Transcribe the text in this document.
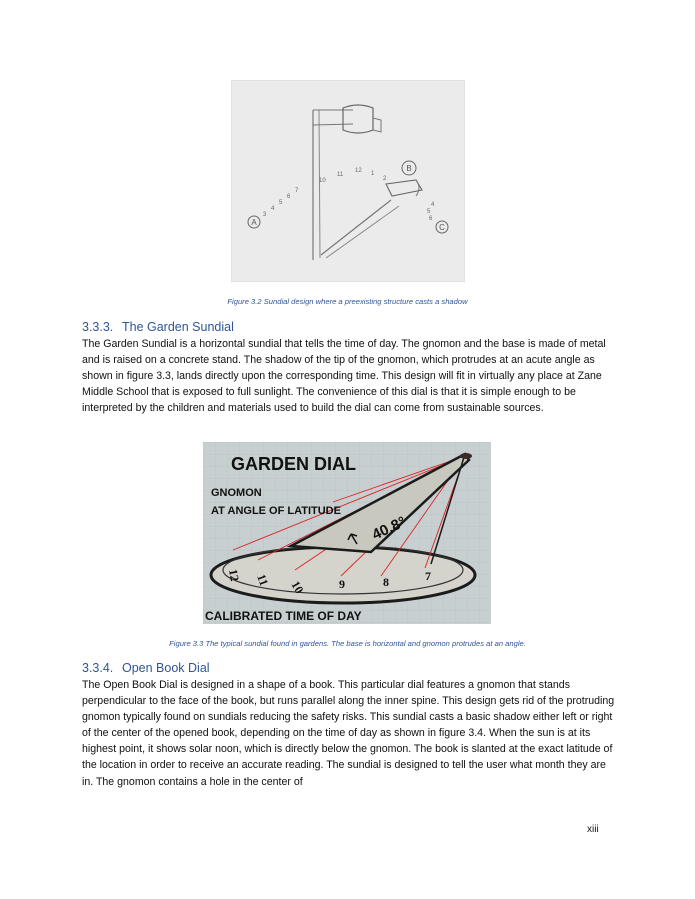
A
B
C
3
4
5
6
7
10
11
12 1
2
4
5
6
Figure 3.2 Sundial design where a preexisting structure casts a shadow
3.3.3. The Garden Sundial
The Garden Sundial is a horizontal sundial that tells the time of day. The gnomon and the base is made of metal and is raised on a concrete stand. The shadow of the tip of the gnomon, which protrudes at an acute angle as shown in figure 3.3, lands directly upon the corresponding time. This design will fit in virtually any place at Zane Middle School that is exposed to full sunlight. The convenience of this dial is that it is simple enough to be interpreted by the children and materials used to build the dial can come from sustainable sources.
GARDEN DIAL
GNOMON
AT ANGLE OF LATITUDE
40.8°
CALIBRATED TIME OF DAY
12 11 10	9	8	7
Figure 3.3 The typical sundial found in gardens. The base is horizontal and gnomon protrudes at an angle.
3.3.4. Open Book Dial
The Open Book Dial is designed in a shape of a book. This particular dial features a gnomon that stands perpendicular to the face of the book, but runs parallel along the inner spine. This design gets rid of the protruding gnomon typically found on sundials reducing the safety risks. This sundial casts a basic shadow either left or right of the center of the opened book, depending on the time of day as shown in figure 3.4. When the sun is at its highest point, it shows solar noon, which is directly below the gnomon. The book is slanted at the exact latitude of the location in order to receive an accurate reading. The sundial is designed to tell the user what month they are in. The gnomon contains a hole in the center of
xiii
